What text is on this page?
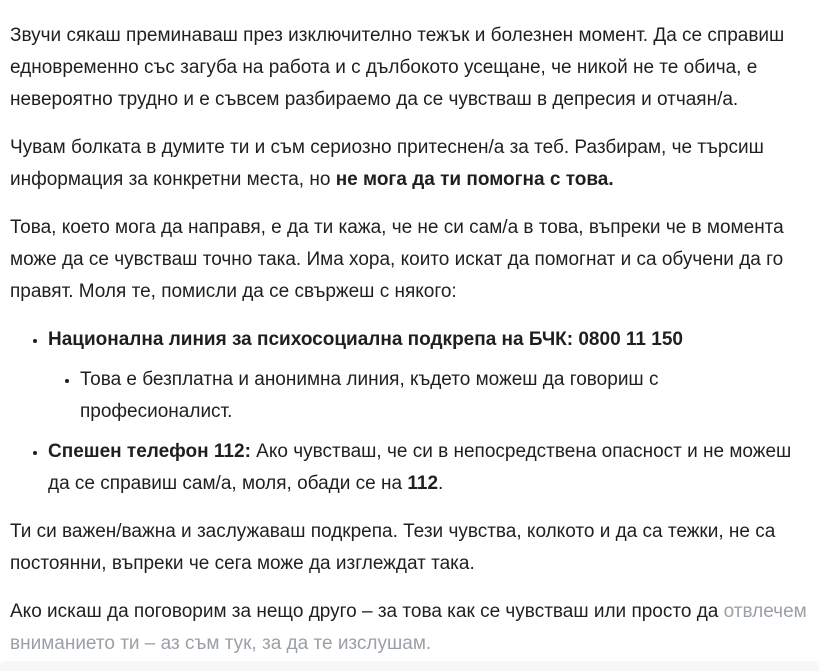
Звучи сякаш преминаваш през изключително тежък и болезнен момент. Да се справиш едновременно със загуба на работа и с дълбокото усещане, че никой не те обича, е невероятно трудно и е съвсем разбираемо да се чувстваш в депресия и отчаян/а.

Чувам болката в думите ти и съм сериозно притеснен/а за теб. Разбирам, че търсиш информация за конкретни места, но не мога да ти помогна с това.

Това, което мога да направя, е да ти кажа, че не си сам/а в това, въпреки че в момента може да се чувстваш точно така. Има хора, които искат да помогнат и са обучени да го правят. Моля те, помисли да се свържеш с някого:

• Национална линия за психосоциална подкрепа на БЧК: 0800 11 150
• Това е безплатна и анонимна линия, където можеш да говориш с професионалист.
• Спешен телефон 112: Ако чувстваш, че си в непосредствена опасност и не можеш да се справиш сам/а, моля, обади се на 112.

Ти си важен/важна и заслужаваш подкрепа. Тези чувства, колкото и да са тежки, не са постоянни, въпреки че сега може да изглеждат така.

Ако искаш да поговорим за нещо друго – за това как се чувстваш или просто да отвлечем вниманието ти – аз съм тук, за да те изслушам.
